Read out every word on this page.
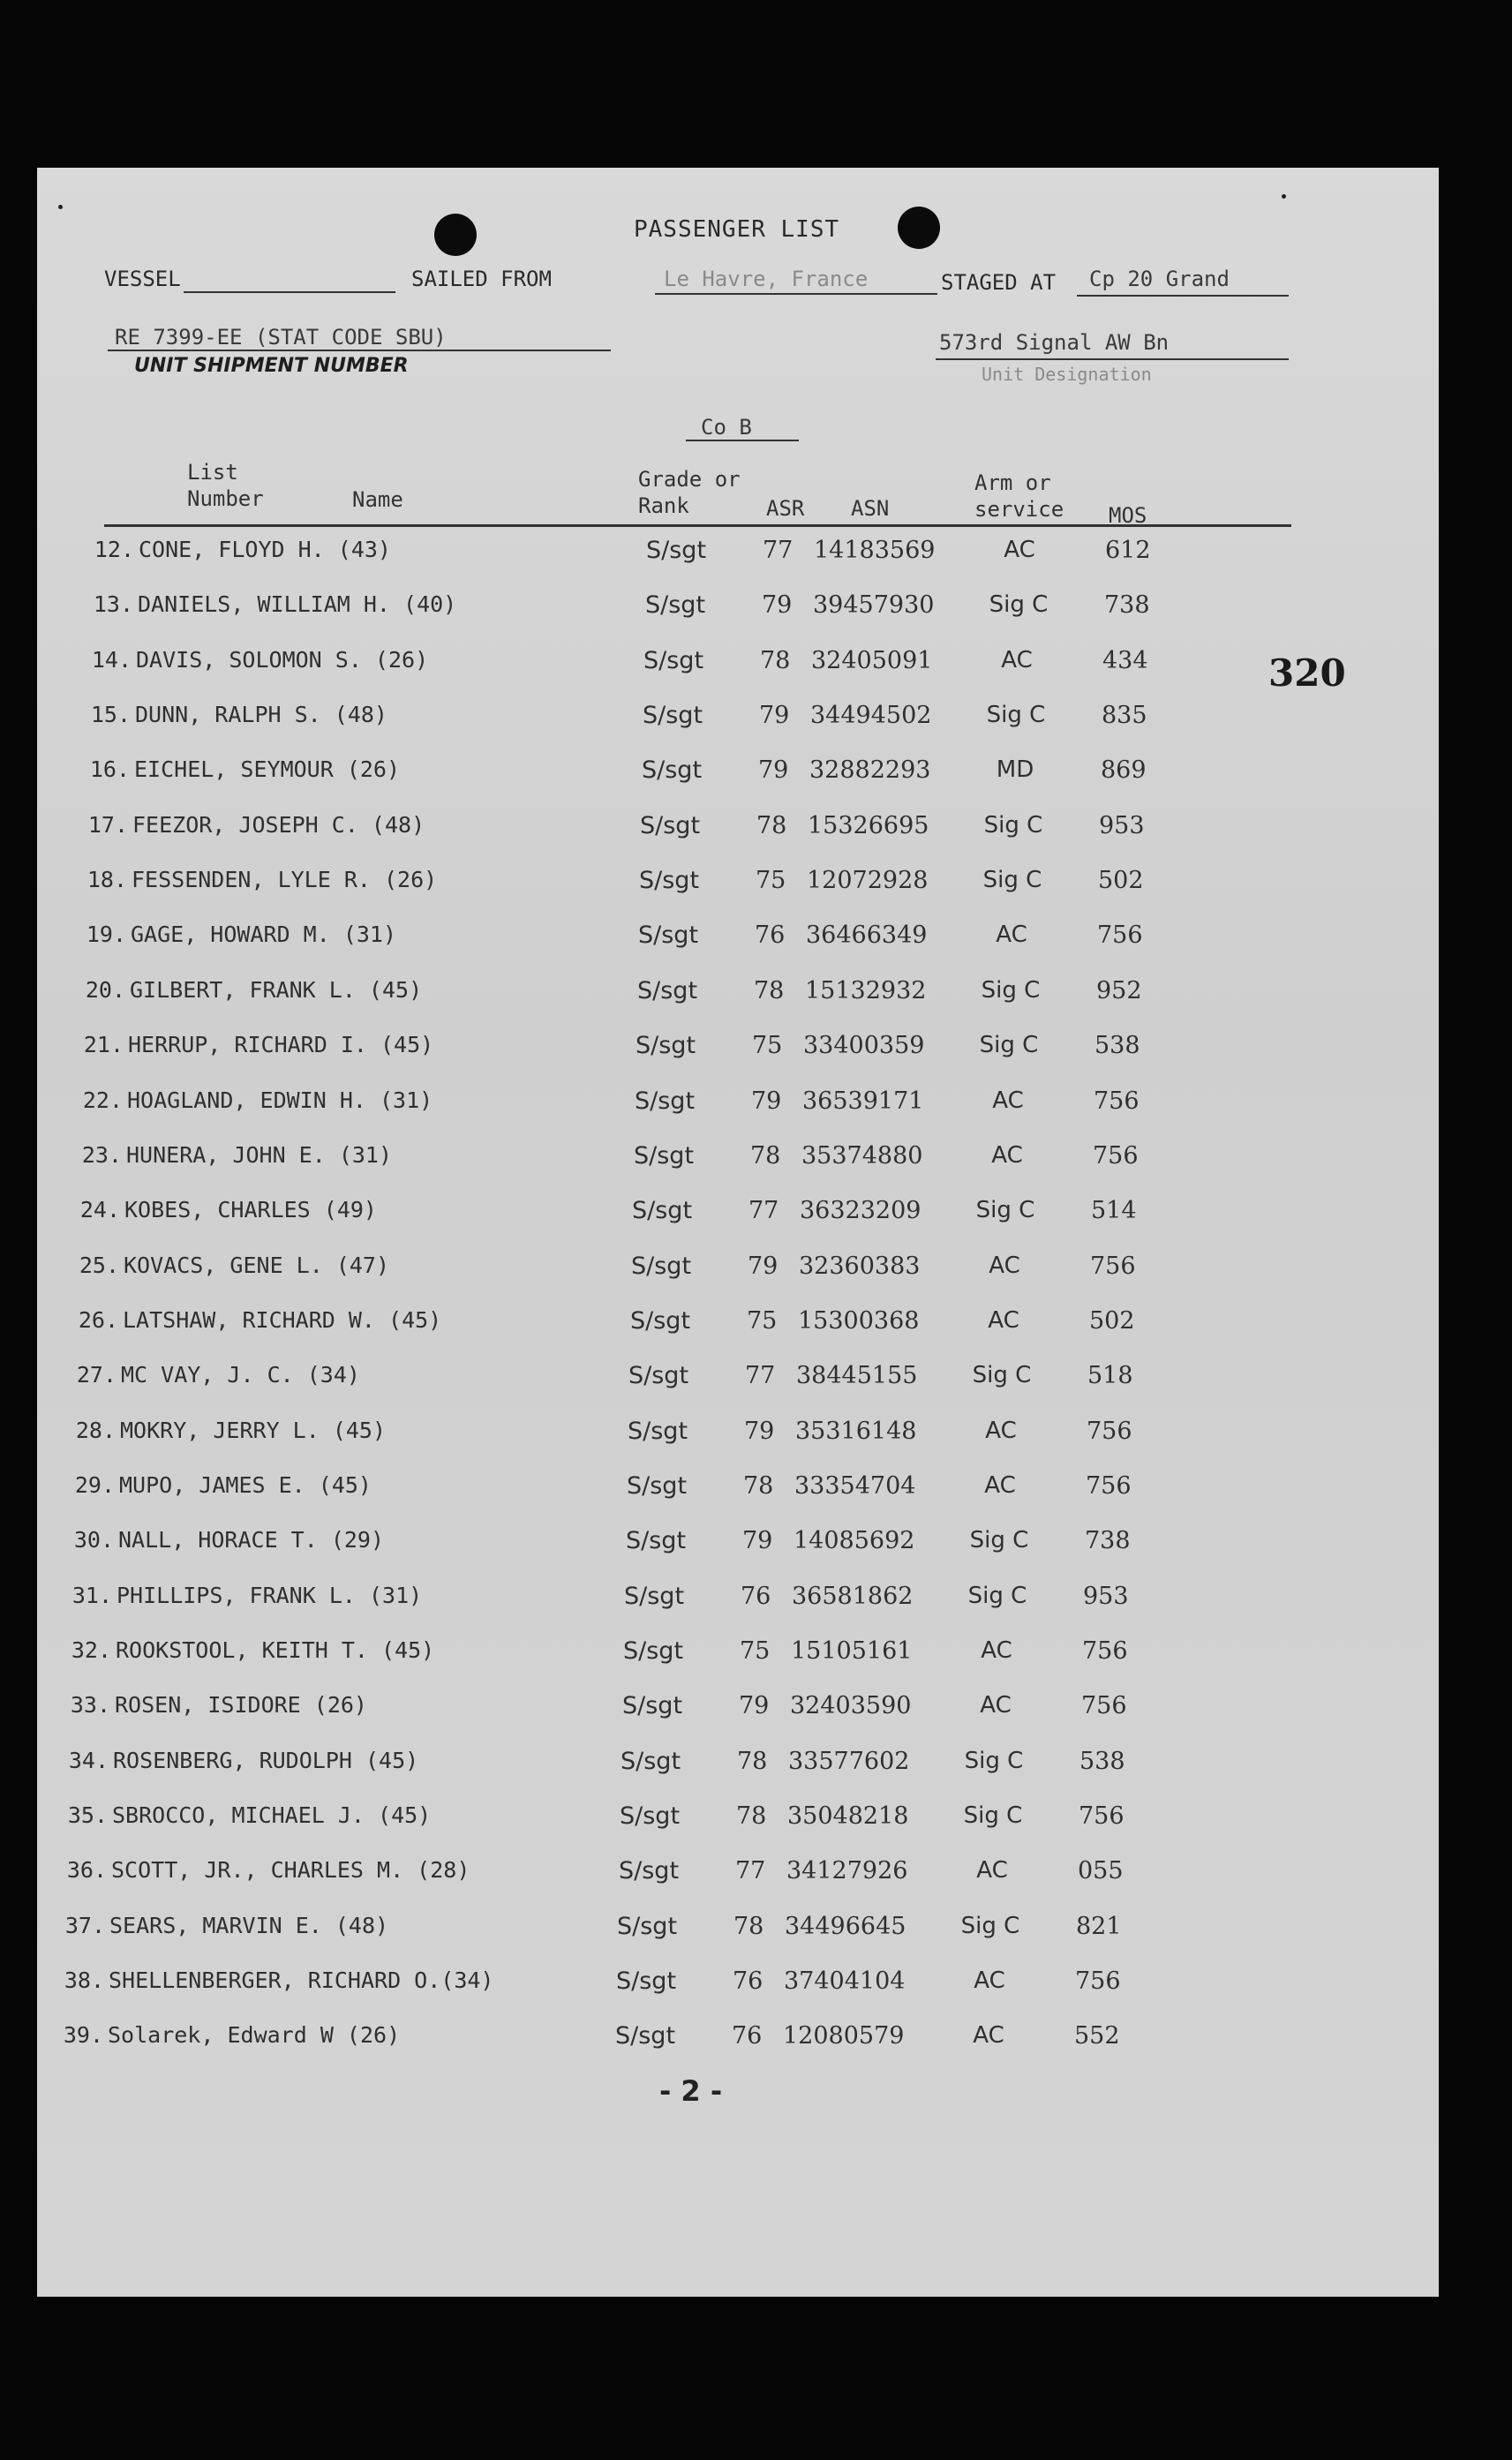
PASSENGER LIST
VESSEL	SAILED FROM	Le Havre, France	STAGED AT Cp 20 Grand
RE 7399-EE (STAT CODE SBU)
UNIT SHIPMENT NUMBER
573rd Signal AW Bn
Unit Designation
320
Co B
List
Number	Name
Grade or
Rank	ASR ASN
Arm or
service MOS
12. CONE, FLOYD H. (43)	S/sgt 77 14183569	AC	612
13. DANIELS, WILLIAM H. (40)	S/sgt 79 39457930	Sig C	738
14. DAVIS, SOLOMON S. (26)	S/sgt 78 32405091	AC	434
15. DUNN, RALPH S. (48)	S/sgt 79 34494502	Sig C	835
16. EICHEL, SEYMOUR (26)	S/sgt 79 32882293	MD	869
17. FEEZOR, JOSEPH C. (48)	S/sgt 78 15326695	Sig C	953
18. FESSENDEN, LYLE R. (26)	S/sgt 75 12072928	Sig C	502
19. GAGE, HOWARD M. (31)	S/sgt 76 36466349	AC	756
20. GILBERT, FRANK L. (45)	S/sgt 78 15132932	Sig C	952
21. HERRUP, RICHARD I. (45)	S/sgt 75 33400359	Sig C	538
22. HOAGLAND, EDWIN H. (31)	S/sgt 79 36539171	AC	756
23. HUNERA, JOHN E. (31)	S/sgt 78 35374880	AC	756
24. KOBES, CHARLES (49)	S/sgt 77 36323209	Sig C	514
25. KOVACS, GENE L. (47)	S/sgt 79 32360383	AC	756
26. LATSHAW, RICHARD W. (45)	S/sgt 75 15300368	AC	502
27. MC VAY, J. C. (34)	S/sgt 77 38445155	Sig C	518
28. MOKRY, JERRY L. (45)	S/sgt 79 35316148	AC	756
29. MUPO, JAMES E. (45)	S/sgt 78 33354704	AC	756
30. NALL, HORACE T. (29)	S/sgt 79 14085692	Sig C	738
31. PHILLIPS, FRANK L. (31)	S/sgt 76 36581862	Sig C	953
32. ROOKSTOOL, KEITH T. (45)	S/sgt 75 15105161	AC	756
33. ROSEN, ISIDORE (26)	S/sgt 79 32403590	AC	756
34. ROSENBERG, RUDOLPH (45)	S/sgt 78 33577602	Sig C	538
35. SBROCCO, MICHAEL J. (45)	S/sgt 78 35048218	Sig C	756
36. SCOTT, JR., CHARLES M. (28)	S/sgt 77 34127926	AC	055
37. SEARS, MARVIN E. (48)	S/sgt 78 34496645	Sig C	821
38. SHELLENBERGER, RICHARD O.(34)	S/sgt 76 37404104	AC	756
39. Solarek, Edward W (26)	S/sgt 76 12080579	AC	552
- 2 -
